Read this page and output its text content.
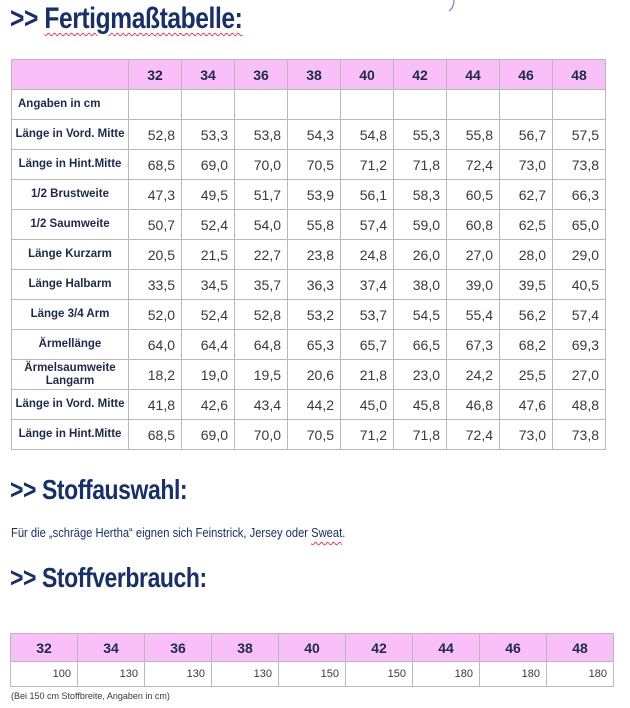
>> Fertigmaßtabelle:
	32	34	36	38	40	42	44	46	48
Angaben in cm									
Länge in Vord. Mitte	52,8	53,3	53,8	54,3	54,8	55,3	55,8	56,7	57,5
Länge in Hint.Mitte	68,5	69,0	70,0	70,5	71,2	71,8	72,4	73,0	73,8
1/2 Brustweite	47,3	49,5	51,7	53,9	56,1	58,3	60,5	62,7	66,3
1/2 Saumweite	50,7	52,4	54,0	55,8	57,4	59,0	60,8	62,5	65,0
Länge Kurzarm	20,5	21,5	22,7	23,8	24,8	26,0	27,0	28,0	29,0
Länge Halbarm	33,5	34,5	35,7	36,3	37,4	38,0	39,0	39,5	40,5
Länge 3/4 Arm	52,0	52,4	52,8	53,2	53,7	54,5	55,4	56,2	57,4
Ärmellänge	64,0	64,4	64,8	65,3	65,7	66,5	67,3	68,2	69,3
Ärmelsaumweite Langarm	18,2	19,0	19,5	20,6	21,8	23,0	24,2	25,5	27,0
Länge in Vord. Mitte	41,8	42,6	43,4	44,2	45,0	45,8	46,8	47,6	48,8
Länge in Hint.Mitte	68,5	69,0	70,0	70,5	71,2	71,8	72,4	73,0	73,8
>> Stoffauswahl:
Für die „schräge Hertha“ eignen sich Feinstrick, Jersey oder Sweat.
>> Stoffverbrauch:
32	34	36	38	40	42	44	46	48
100	130	130	130	150	150	180	180	180
(Bei 150 cm Stoffbreite, Angaben in cm)
